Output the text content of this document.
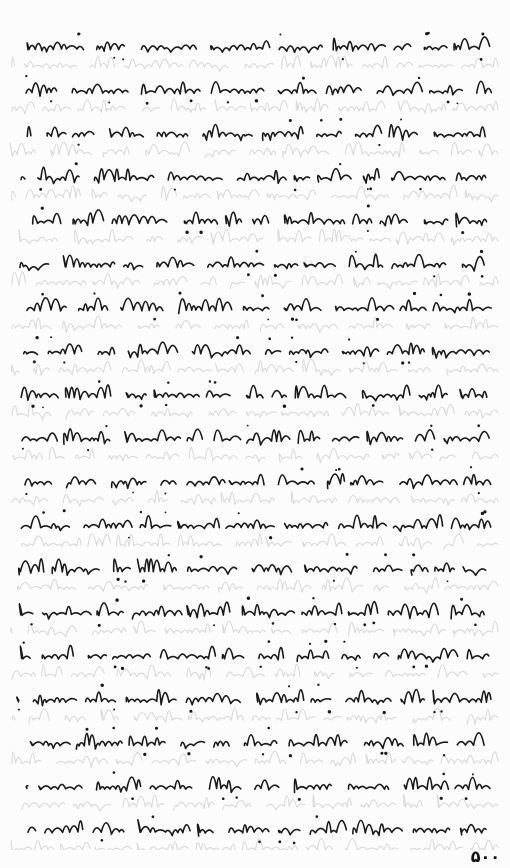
۵۰۰
